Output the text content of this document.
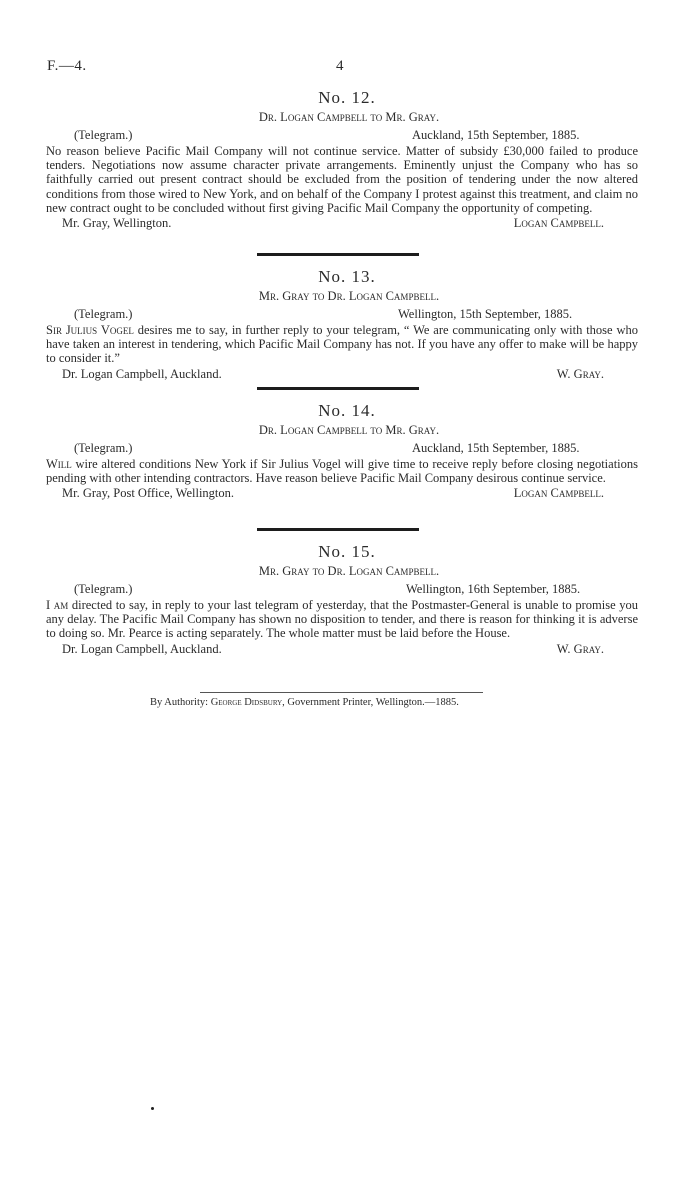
F.—4.	4
No. 12.
Dr. Logan Campbell to Mr. Gray.
(Telegram.)	Auckland, 15th September, 1885.
No reason believe Pacific Mail Company will not continue service. Matter of subsidy £30,000 failed to produce tenders. Negotiations now assume character private arrangements. Eminently unjust the Company who has so faithfully carried out present contract should be excluded from the position of tendering under the now altered conditions from those wired to New York, and on behalf of the Company I protest against this treatment, and claim no new contract ought to be concluded without first giving Pacific Mail Company the opportunity of competing.
Mr. Gray, Wellington.	Logan Campbell.
No. 13.
Mr. Gray to Dr. Logan Campbell.
(Telegram.)	Wellington, 15th September, 1885.
Sir Julius Vogel desires me to say, in further reply to your telegram, “ We are communicating only with those who have taken an interest in tendering, which Pacific Mail Company has not. If you have any offer to make will be happy to consider it.”
Dr. Logan Campbell, Auckland.	W. Gray.
No. 14.
Dr. Logan Campbell to Mr. Gray.
(Telegram.)	Auckland, 15th September, 1885.
Will wire altered conditions New York if Sir Julius Vogel will give time to receive reply before closing negotiations pending with other intending contractors. Have reason believe Pacific Mail Company desirous continue service.
Mr. Gray, Post Office, Wellington.	Logan Campbell.
No. 15.
Mr. Gray to Dr. Logan Campbell.
(Telegram.)	Wellington, 16th September, 1885.
I am directed to say, in reply to your last telegram of yesterday, that the Postmaster-General is unable to promise you any delay. The Pacific Mail Company has shown no disposition to tender, and there is reason for thinking it is adverse to doing so. Mr. Pearce is acting separately. The whole matter must be laid before the House.
Dr. Logan Campbell, Auckland.	W. Gray.
By Authority: George Didsbury, Government Printer, Wellington.—1885.
